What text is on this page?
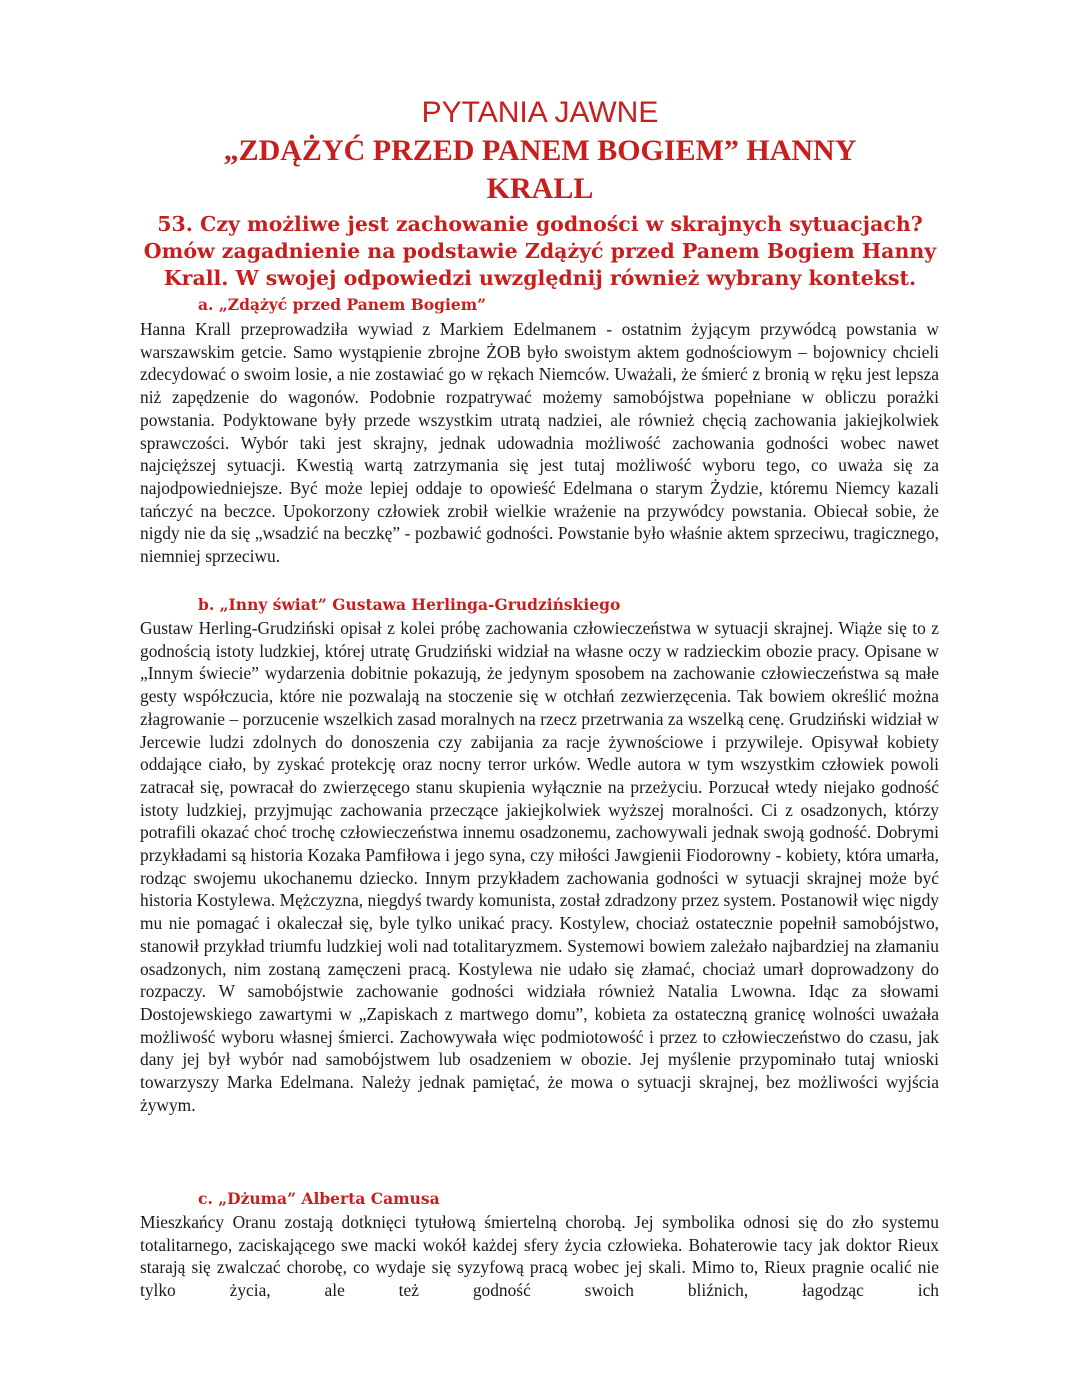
PYTANIA JAWNE
„ZDĄŻYĆ PRZED PANEM BOGIEM” HANNY
KRALL
53. Czy możliwe jest zachowanie godności w skrajnych sytuacjach? Omów zagadnienie na podstawie Zdążyć przed Panem Bogiem Hanny Krall. W swojej odpowiedzi uwzględnij również wybrany kontekst.
a. „Zdążyć przed Panem Bogiem”
Hanna Krall przeprowadziła wywiad z Markiem Edelmanem - ostatnim żyjącym przywódcą powstania w warszawskim getcie. Samo wystąpienie zbrojne ŻOB było swoistym aktem godnościowym – bojownicy chcieli zdecydować o swoim losie, a nie zostawiać go w rękach Niemców. Uważali, że śmierć z bronią w ręku jest lepsza niż zapędzenie do wagonów. Podobnie rozpatrywać możemy samobójstwa popełniane w obliczu porażki powstania. Podyktowane były przede wszystkim utratą nadziei, ale również chęcią zachowania jakiejkolwiek sprawczości. Wybór taki jest skrajny, jednak udowadnia możliwość zachowania godności wobec nawet najcięższej sytuacji. Kwestią wartą zatrzymania się jest tutaj możliwość wyboru tego, co uważa się za najodpowiedniejsze. Być może lepiej oddaje to opowieść Edelmana o starym Żydzie, któremu Niemcy kazali tańczyć na beczce. Upokorzony człowiek zrobił wielkie wrażenie na przywódcy powstania. Obiecał sobie, że nigdy nie da się „wsadzić na beczkę” - pozbawić godności. Powstanie było właśnie aktem sprzeciwu, tragicznego, niemniej sprzeciwu.
b. „Inny świat” Gustawa Herlinga-Grudzińskiego
Gustaw Herling-Grudziński opisał z kolei próbę zachowania człowieczeństwa w sytuacji skrajnej. Wiąże się to z godnością istoty ludzkiej, której utratę Grudziński widział na własne oczy w radzieckim obozie pracy. Opisane w „Innym świecie” wydarzenia dobitnie pokazują, że jedynym sposobem na zachowanie człowieczeństwa są małe gesty współczucia, które nie pozwalają na stoczenie się w otchłań zezwierzęcenia. Tak bowiem określić można złagrowanie – porzucenie wszelkich zasad moralnych na rzecz przetrwania za wszelką cenę. Grudziński widział w Jercewie ludzi zdolnych do donoszenia czy zabijania za racje żywnościowe i przywileje. Opisywał kobiety oddające ciało, by zyskać protekcję oraz nocny terror urków. Wedle autora w tym wszystkim człowiek powoli zatracał się, powracał do zwierzęcego stanu skupienia wyłącznie na przeżyciu. Porzucał wtedy niejako godność istoty ludzkiej, przyjmując zachowania przeczące jakiejkolwiek wyższej moralności. Ci z osadzonych, którzy potrafili okazać choć trochę człowieczeństwa innemu osadzonemu, zachowywali jednak swoją godność. Dobrymi przykładami są historia Kozaka Pamfiłowa i jego syna, czy miłości Jawgienii Fiodorowny - kobiety, która umarła, rodząc swojemu ukochanemu dziecko. Innym przykładem zachowania godności w sytuacji skrajnej może być historia Kostylewa. Mężczyzna, niegdyś twardy komunista, został zdradzony przez system. Postanowił więc nigdy mu nie pomagać i okaleczał się, byle tylko unikać pracy. Kostylew, chociaż ostatecznie popełnił samobójstwo, stanowił przykład triumfu ludzkiej woli nad totalitaryzmem. Systemowi bowiem zależało najbardziej na złamaniu osadzonych, nim zostaną zamęczeni pracą. Kostylewa nie udało się złamać, chociaż umarł doprowadzony do rozpaczy. W samobójstwie zachowanie godności widziała również Natalia Lwowna. Idąc za słowami Dostojewskiego zawartymi w „Zapiskach z martwego domu”, kobieta za ostateczną granicę wolności uważała możliwość wyboru własnej śmierci. Zachowywała więc podmiotowość i przez to człowieczeństwo do czasu, jak dany jej był wybór nad samobójstwem lub osadzeniem w obozie. Jej myślenie przypominało tutaj wnioski towarzyszy Marka Edelmana. Należy jednak pamiętać, że mowa o sytuacji skrajnej, bez możliwości wyjścia żywym.
c. „Dżuma” Alberta Camusa
Mieszkańcy Oranu zostają dotknięci tytułową śmiertelną chorobą. Jej symbolika odnosi się do zło systemu totalitarnego, zaciskającego swe macki wokół każdej sfery życia człowieka. Bohaterowie tacy jak doktor Rieux starają się zwalczać chorobę, co wydaje się syzyfową pracą wobec jej skali. Mimo to, Rieux pragnie ocalić nie tylko życia, ale też godność swoich bliźnich, łagodząc ich
